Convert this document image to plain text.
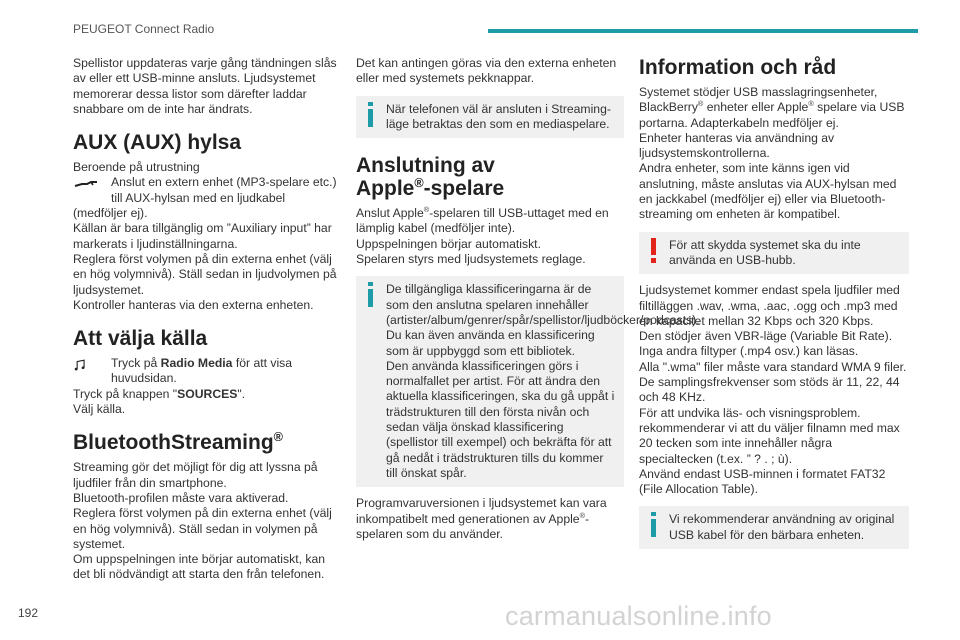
PEUGEOT Connect Radio

Spellistor uppdateras varje gång tändningen slås av eller ett USB-minne ansluts. Ljudsystemet memorerar dessa listor som därefter laddar snabbare om de inte har ändrats.

AUX (AUX) hylsa

Beroende på utrustning

Anslut en extern enhet (MP3-spelare etc.) till AUX-hylsan med en ljudkabel

(medföljer ej).

Källan är bara tillgänglig om ”Auxiliary input” har markerats i ljudinställningarna.

Reglera först volymen på din externa enhet (välj en hög volymnivå). Ställ sedan in ljudvolymen på ljudsystemet.

Kontroller hanteras via den externa enheten.

Att välja källa
Tryck på Radio Media för att visa huvudsidan.

Tryck på knappen "SOURCES".

Välj källa.

BluetoothStreaming®

Streaming gör det möjligt för dig att lyssna på ljudfiler från din smartphone.

Bluetooth-profilen måste vara aktiverad.

Reglera först volymen på din externa enhet (välj en hög volymnivå). Ställ sedan in volymen på systemet.

Om uppspelningen inte börjar automatiskt, kan det bli nödvändigt att starta den från telefonen.

Det kan antingen göras via den externa enheten eller med systemets pekknappar.

När telefonen väl är ansluten i Streaming-läge betraktas den som en mediaspelare.

Anslutning av
Apple®-spelare

Anslut Apple®-spelaren till USB-uttaget med en lämplig kabel (medföljer inte).

Uppspelningen börjar automatiskt.

Spelaren styrs med ljudsystemets reglage.

De tillgängliga klassificeringarna är de som den anslutna spelaren innehåller (artister/album/genrer/spår/spellistor/ljudböcker/podcasts). Du kan även använda en klassificering som är uppbyggd som ett bibliotek.

Den använda klassificeringen görs i normalfallet per artist. För att ändra den aktuella klassificeringen, ska du gå uppåt i trädstrukturen till den första nivån och sedan välja önskad klassificering (spellistor till exempel) och bekräfta för att gå nedåt i trädstrukturen tills du kommer till önskat spår.

Programvaruversionen i ljudsystemet kan vara inkompatibelt med generationen av Apple®-spelaren som du använder.

Information och råd

Systemet stödjer USB masslagringsenheter, BlackBerry® enheter eller Apple® spelare via USB portarna. Adapterkabeln medföljer ej.

Enheter hanteras via användning av ljudsystemskontrollerna.

Andra enheter, som inte känns igen vid anslutning, måste anslutas via AUX-hylsan med en jackkabel (medföljer ej) eller via Bluetooth-streaming om enheten är kompatibel.

För att skydda systemet ska du inte använda en USB-hubb.

Ljudsystemet kommer endast spela ljudfiler med filtilläggen .wav, .wma, .aac, .ogg och .mp3 med en kapacitet mellan 32 Kbps och 320 Kbps.

Den stödjer även VBR-läge (Variable Bit Rate).

Inga andra filtyper (.mp4 osv.) kan läsas.

Alla ".wma" filer måste vara standard WMA 9 filer.

De samplingsfrekvenser som stöds är 11, 22, 44 och 48 KHz.

För att undvika läs- och visningsproblem. rekommenderar vi att du väljer filnamn med max 20 tecken som inte innehåller några specialtecken (t.ex. ” ? . ; ù).

Använd endast USB-minnen i formatet FAT32 (File Allocation Table).

Vi rekommenderar användning av original USB kabel för den bärbara enheten.

192	carmanualsonline.info
